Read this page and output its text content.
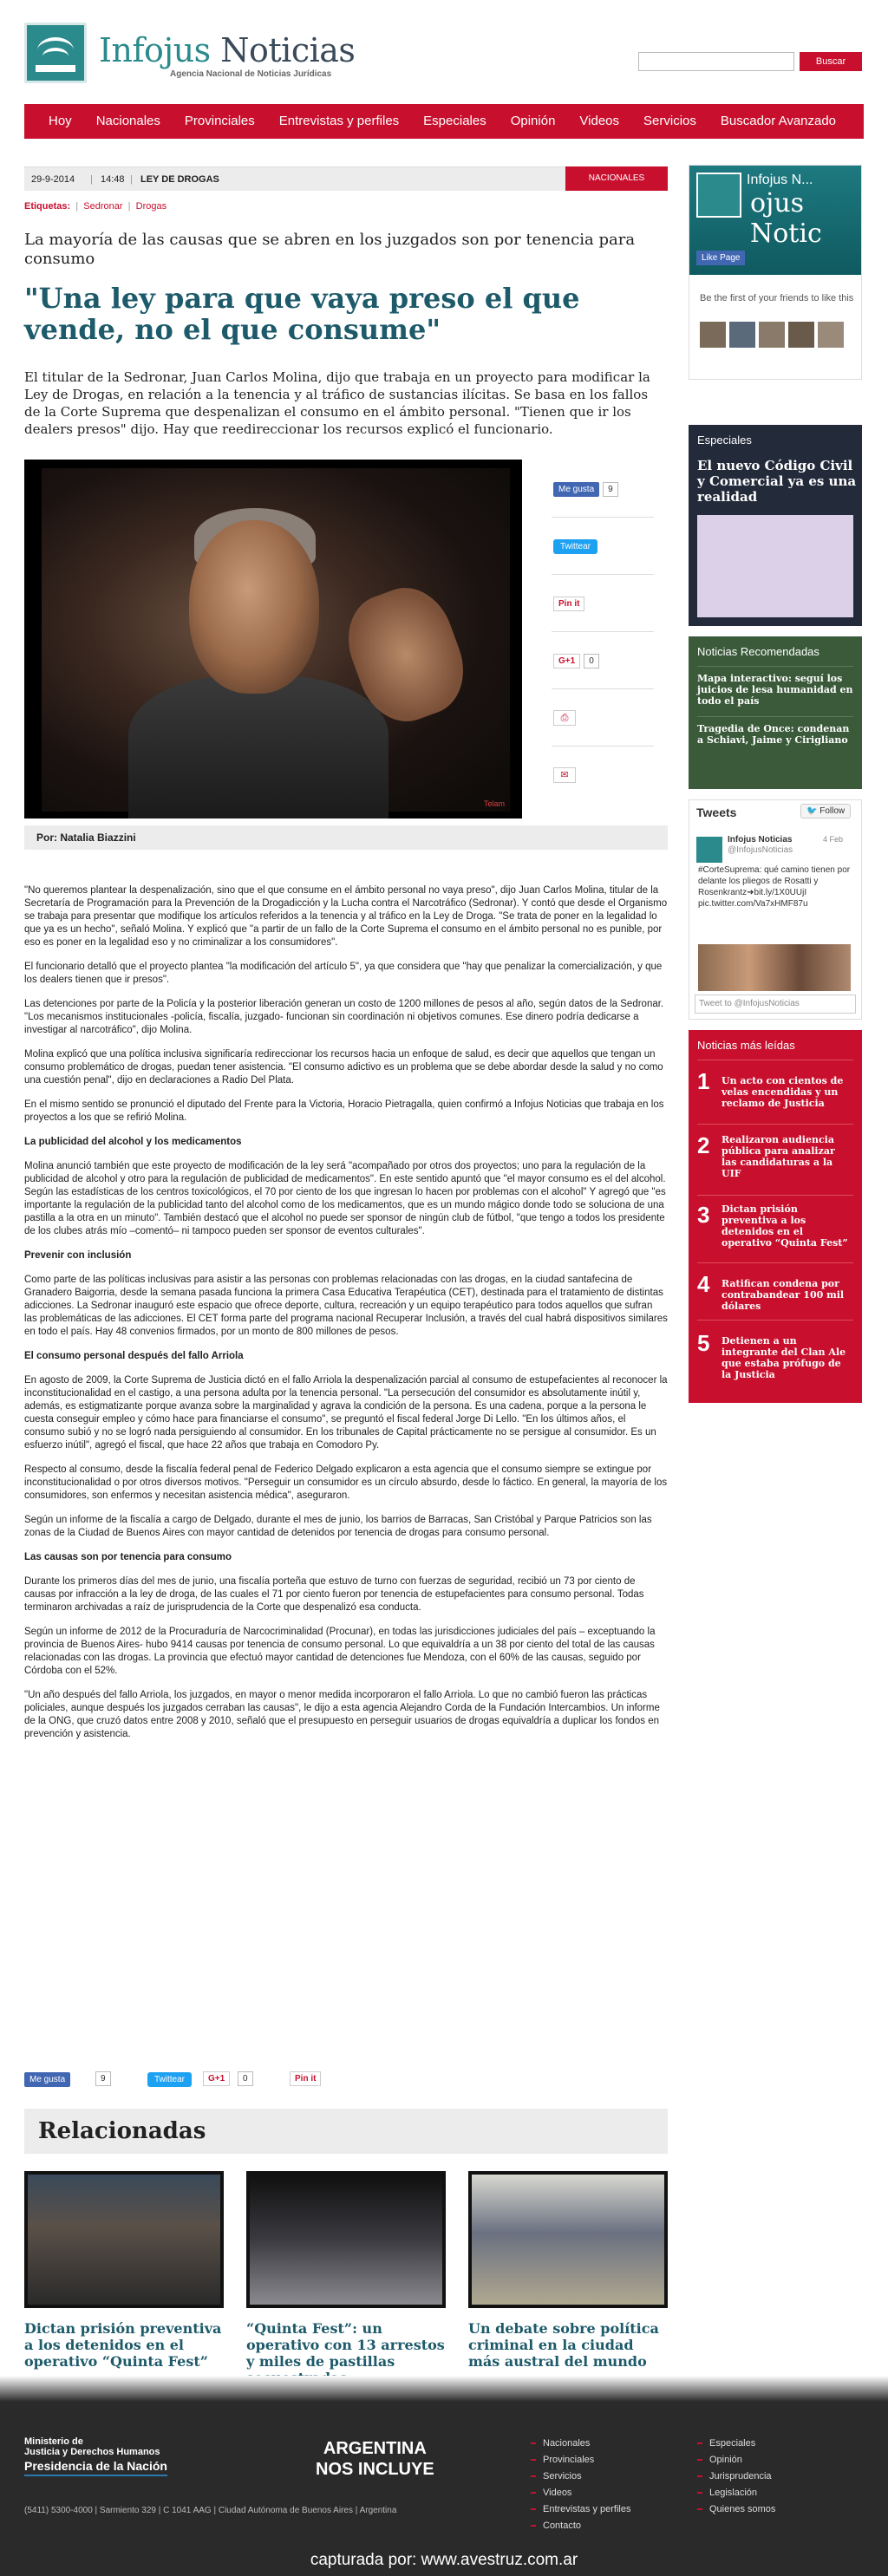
Infojus Noticias
Agencia Nacional de Noticias Jurídicas
Buscar
Hoy	Nacionales	Provinciales	Entrevistas y perfiles	Especiales	Opinión	Videos	Servicios	Buscador Avanzado
29-9-2014 | 14:48 | LEY DE DROGAS	NACIONALES
Etiquetas:  |  Sedronar  |  Drogas
La mayoría de las causas que se abren en los juzgados son por tenencia para consumo
"Una ley para que vaya preso el que vende, no el que consume"
El titular de la Sedronar, Juan Carlos Molina, dijo que trabaja en un proyecto para modificar la Ley de Drogas, en relación a la tenencia y al tráfico de sustancias ilícitas. Se basa en los fallos de la Corte Suprema que despenalizan el consumo en el ámbito personal. "Tienen que ir los dealers presos" dijo. Hay que reedireccionar los recursos explicó el funcionario.
Telam
Me gusta 9
Twittear
Pin it
G+1 0
⎙
✉
Por: Natalia Biazzini

"No queremos plantear la despenalización, sino que el que consume en el ámbito personal no vaya preso", dijo Juan Carlos Molina, titular de la Secretaría de Programación para la Prevención de la Drogadicción y la Lucha contra el Narcotráfico (Sedronar). Y contó que desde el Organismo se trabaja para presentar que modifique los artículos referidos a la tenencia y al tráfico en la Ley de Droga. "Se trata de poner en la legalidad lo que ya es un hecho", señaló Molina. Y explicó que "a partir de un fallo de la Corte Suprema el consumo en el ámbito personal no es punible, por eso es poner en la legalidad eso y no criminalizar a los consumidores".

El funcionario detalló que el proyecto plantea "la modificación del artículo 5", ya que considera que "hay que penalizar la comercialización, y que los dealers tienen que ir presos".

Las detenciones por parte de la Policía y la posterior liberación generan un costo de 1200 millones de pesos al año, según datos de la Sedronar. "Los mecanismos institucionales -policía, fiscalía, juzgado- funcionan sin coordinación ni objetivos comunes. Ese dinero podría dedicarse a investigar al narcotráfico", dijo Molina.

Molina explicó que una política inclusiva significaría redireccionar los recursos hacia un enfoque de salud, es decir que aquellos que tengan un consumo problemático de drogas, puedan tener asistencia. "El consumo adictivo es un problema que se debe abordar desde la salud y no como una cuestión penal", dijo en declaraciones a Radio Del Plata.

En el mismo sentido se pronunció el diputado del Frente para la Victoria, Horacio Pietragalla, quien confirmó a Infojus Noticias que trabaja en los proyectos a los que se refirió Molina.

La publicidad del alcohol y los medicamentos

Molina anunció también que este proyecto de modificación de la ley será "acompañado por otros dos proyectos; uno para la regulación de la publicidad de alcohol y otro para la regulación de publicidad de medicamentos". En este sentido apuntó que "el mayor consumo es el del alcohol. Según las estadísticas de los centros toxicológicos, el 70 por ciento de los que ingresan lo hacen por problemas con el alcohol" Y agregó que "es importante la regulación de la publicidad tanto del alcohol como de los medicamentos, que es un mundo mágico donde todo se soluciona de una pastilla a la otra en un minuto". También destacó que el alcohol no puede ser sponsor de ningún club de fútbol, "que tengo a todos los presidente de los clubes atrás mío –comentó– ni tampoco pueden ser sponsor de eventos culturales".

Prevenir con inclusión

Como parte de las políticas inclusivas para asistir a las personas con problemas relacionadas con las drogas, en la ciudad santafecina de Granadero Baigorria, desde la semana pasada funciona la primera Casa Educativa Terapéutica (CET), destinada para el tratamiento de distintas adicciones. La Sedronar inauguró este espacio que ofrece deporte, cultura, recreación y un equipo terapéutico para todos aquellos que sufran las problemáticas de las adicciones. El CET forma parte del programa nacional Recuperar Inclusión, a través del cual habrá dispositivos similares en todo el país. Hay 48 convenios firmados, por un monto de 800 millones de pesos.

El consumo personal después del fallo Arriola

En agosto de 2009, la Corte Suprema de Justicia dictó en el fallo Arriola la despenalización parcial al consumo de estupefacientes al reconocer la inconstitucionalidad en el castigo, a una persona adulta por la tenencia personal. "La persecución del consumidor es absolutamente inútil y, además, es estigmatizante porque avanza sobre la marginalidad y agrava la condición de la persona. Es una cadena, porque a la persona le cuesta conseguir empleo y cómo hace para financiarse el consumo", se preguntó el fiscal federal Jorge Di Lello. "En los últimos años, el consumo subió y no se logró nada persiguiendo al consumidor. En los tribunales de Capital prácticamente no se persigue al consumidor. Es un esfuerzo inútil", agregó el fiscal, que hace 22 años que trabaja en Comodoro Py.

Respecto al consumo, desde la fiscalía federal penal de Federico Delgado explicaron a esta agencia que el consumo siempre se extingue por inconstitucionalidad o por otros diversos motivos. "Perseguir un consumidor es un círculo absurdo, desde lo fáctico. En general, la mayoría de los consumidores, son enfermos y necesitan asistencia médica", aseguraron.

Según un informe de la fiscalía a cargo de Delgado, durante el mes de junio, los barrios de Barracas, San Cristóbal y Parque Patricios son las zonas de la Ciudad de Buenos Aires con mayor cantidad de detenidos por tenencia de drogas para consumo personal.

Las causas son por tenencia para consumo

Durante los primeros días del mes de junio, una fiscalía porteña que estuvo de turno con fuerzas de seguridad, recibió un 73 por ciento de causas por infracción a la ley de droga, de las cuales el 71 por ciento fueron por tenencia de estupefacientes para consumo personal. Todas terminaron archivadas a raíz de jurisprudencia de la Corte que despenalizó esa conducta.

Según un informe de 2012 de la Procuraduría de Narcocriminalidad (Procunar), en todas las jurisdicciones judiciales del país – exceptuando la provincia de Buenos Aires- hubo 9414 causas por tenencia de consumo personal. Lo que equivaldría a un 38 por ciento del total de las causas relacionadas con las drogas. La provincia que efectuó mayor cantidad de detenciones fue Mendoza, con el 60% de las causas, seguido por Córdoba con el 52%.

"Un año después del fallo Arriola, los juzgados, en mayor o menor medida incorporaron el fallo Arriola. Lo que no cambió fueron las prácticas policiales, aunque después los juzgados cerraban las causas", le dijo a esta agencia Alejandro Corda de la Fundación Intercambios. Un informe de la ONG, que cruzó datos entre 2008 y 2010, señaló que el presupuesto en perseguir usuarios de drogas equivaldría a duplicar los fondos en prevención y asistencia.

Me gusta	9	Twittear	G+1	0	Pin it
Relacionadas
Dictan prisión preventiva a los detenidos en el operativo “Quinta Fest”
“Quinta Fest”: un operativo con 13 arrestos y miles de pastillas
Un debate sobre política criminal en la ciudad más austral del mundo
Infojus N...
ojus Notic
Like Page
Be the first of your friends to like this
Especiales
El nuevo Código Civil y Comercial ya es una realidad
Noticias Recomendadas
Mapa interactivo: seguí los juicios de lesa humanidad en todo el país
Tragedia de Once: condenan a Schiavi, Jaime y Cirigliano
Tweets	🐦 Follow
Infojus Noticias
@InfojusNoticias
4 Feb
#CorteSuprema: qué camino tienen por delante los pliegos de Rosatti y Rosenkrantz➜bit.ly/1X0UUjI pic.twitter.com/Va7xHMF87u
Tweet to @InfojusNoticias
Noticias más leídas
1 Un acto con cientos de velas encendidas y un reclamo de Justicia
2 Realizaron audiencia pública para analizar las candidaturas a la UIF
3 Dictan prisión preventiva a los detenidos en el operativo “Quinta Fest”
4 Ratifican condena por contrabandear 100 mil dólares
5 Detienen a un integrante del Clan Ale que estaba prófugo de la Justicia
Ministerio de
Justicia y Derechos Humanos
Presidencia de la Nación
ARGENTINA
NOS INCLUYE
(5411) 5300-4000 | Sarmiento 329 | C 1041 AAG | Ciudad Autónoma de Buenos Aires | Argentina
Nacionales
Provinciales
Servicios
Videos
Entrevistas y perfiles
Contacto
Especiales
Opinión
Jurisprudencia
Legislación
Quienes somos
capturada por: www.avestruz.com.ar
